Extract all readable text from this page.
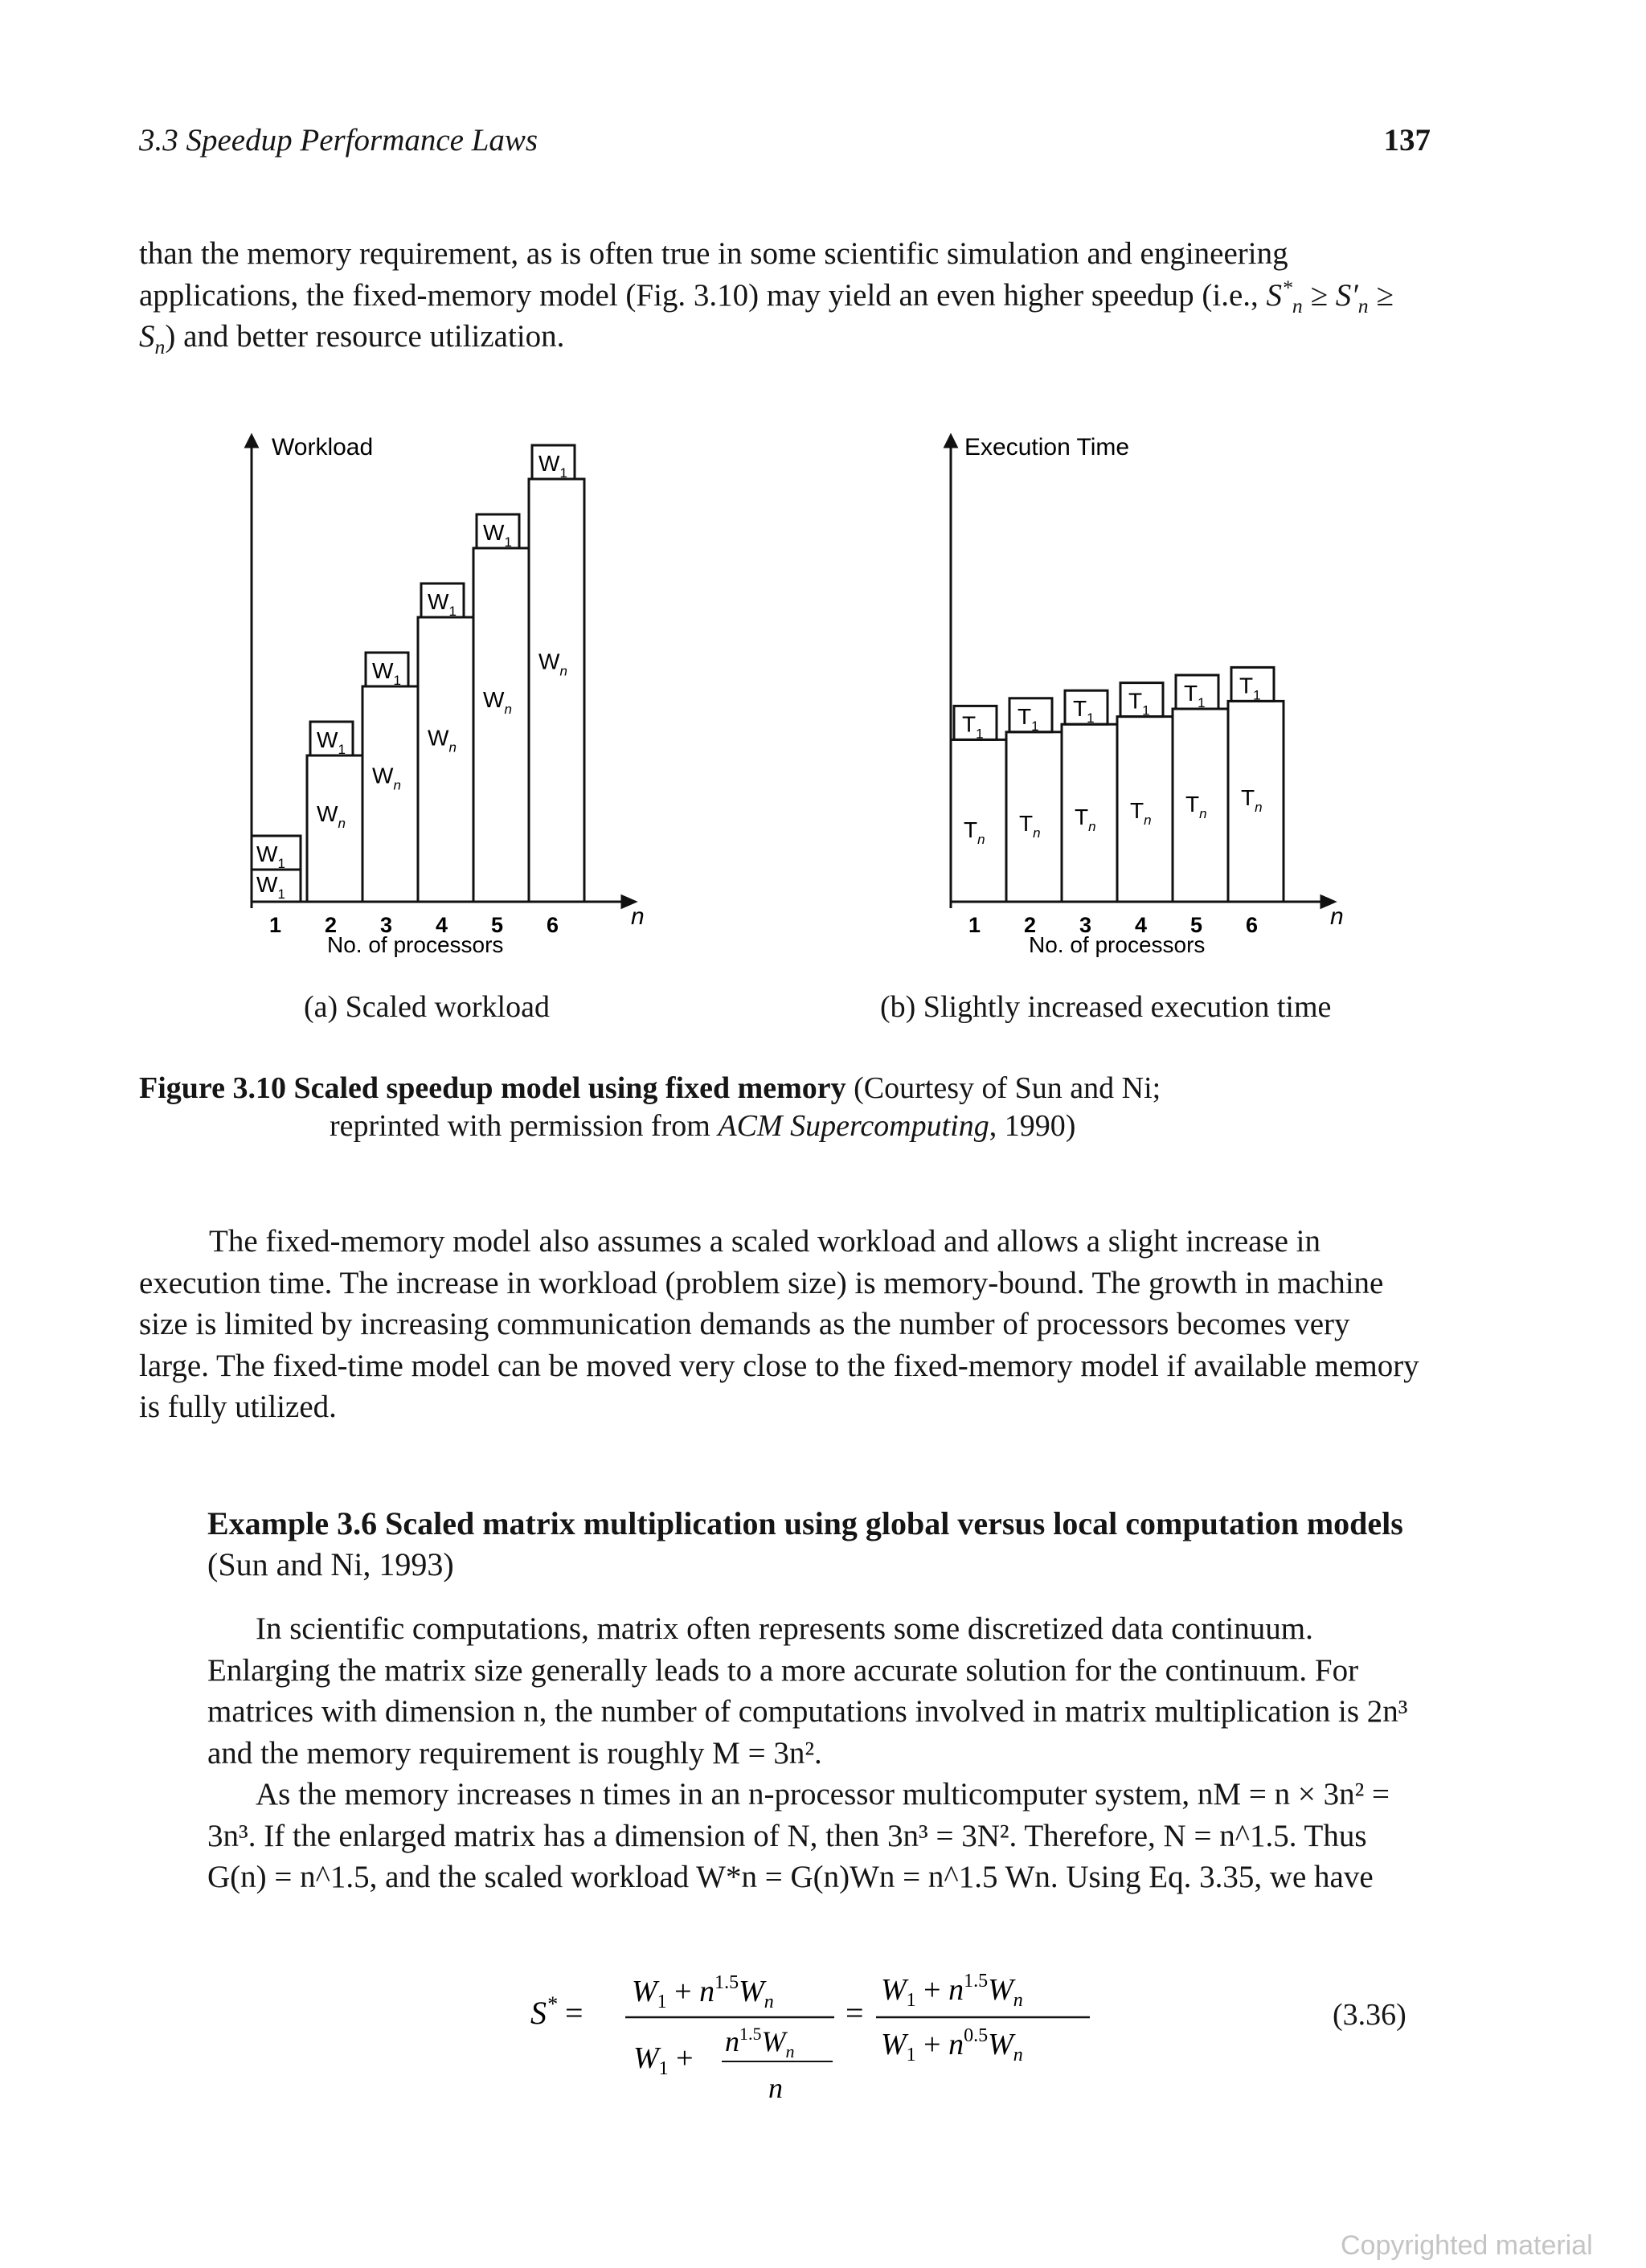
3.3 Speedup Performance Laws	137
than the memory requirement, as is often true in some scientific simulation and engineering applications, the fixed-memory model (Fig. 3.10) may yield an even higher speedup (i.e., $S^*_n \ge S'_n \ge S_n$) and better resource utilization.
$W_1$
$W_1$
$W_n$
$W_1$
$W_n$
$W_1$
$W_n$
$W_1$
$W_n$
$W_1$
$W_n$
$W_1$
Workload
n
1 2 3 4 5 6
No. of processors
$T_n$
$T_1$
$T_n$
$T_1$
$T_n$
$T_1$
$T_n$
$T_1$
$T_n$
$T_1$
$T_n$
$T_1$
Execution Time
n
1 2 3 4 5 6
No. of processors
(a) Scaled workload	(b) Slightly increased execution time
Figure 3.10 Scaled speedup model using fixed memory (Courtesy of Sun and Ni;
reprinted with permission from ACM Supercomputing, 1990)
The fixed-memory model also assumes a scaled workload and allows a slight increase in execution time. The increase in workload (problem size) is memory-bound. The growth in machine size is limited by increasing communication demands as the number of processors becomes very large. The fixed-time model can be moved very close to the fixed-memory model if available memory is fully utilized.
Example 3.6 Scaled matrix multiplication using global versus local computation models (Sun and Ni, 1993)
In scientific computations, matrix often represents some discretized data continuum. Enlarging the matrix size generally leads to a more accurate solution for the continuum. For matrices with dimension n, the number of computations involved in matrix multiplication is 2n³ and the memory requirement is roughly M = 3n².
As the memory increases n times in an n-processor multicomputer system, nM = n × 3n² = 3n³. If the enlarged matrix has a dimension of N, then 3n³ = 3N². Therefore, N = n^1.5. Thus G(n) = n^1.5, and the scaled workload W*n = G(n)Wn = n^1.5 Wn. Using Eq. 3.35, we have
S* =
$W_1 + n^{1.5}W_n$
$W_1 + n^{1.5}W_n$
n
=
$W_1 + n^{1.5}W_n$
$W_1 + n^{0.5}W_n$
(3.36)
Copyrighted material
